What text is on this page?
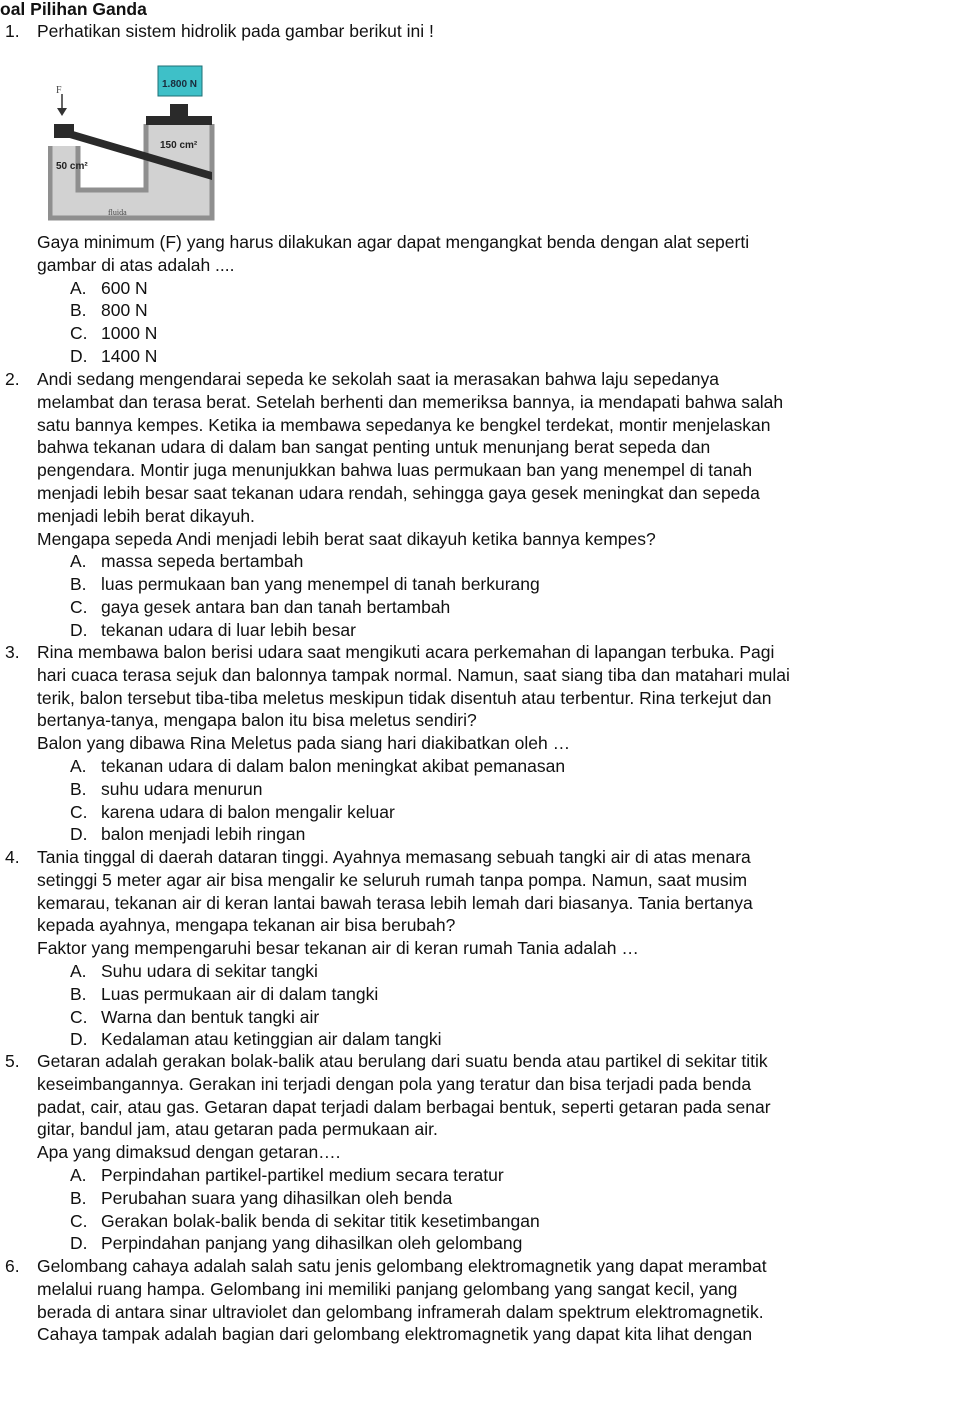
oal Pilihan Ganda
1. Perhatikan sistem hidrolik pada gambar berikut ini !
F
1.800 N
150 cm²
50 cm²
fluida
Gaya minimum (F) yang harus dilakukan agar dapat mengangkat benda dengan alat seperti
gambar di atas adalah ....
A. 600 N
B. 800 N
C. 1000 N
D. 1400 N
2. Andi sedang mengendarai sepeda ke sekolah saat ia merasakan bahwa laju sepedanya
melambat dan terasa berat. Setelah berhenti dan memeriksa bannya, ia mendapati bahwa salah
satu bannya kempes. Ketika ia membawa sepedanya ke bengkel terdekat, montir menjelaskan
bahwa tekanan udara di dalam ban sangat penting untuk menunjang berat sepeda dan
pengendara. Montir juga menunjukkan bahwa luas permukaan ban yang menempel di tanah
menjadi lebih besar saat tekanan udara rendah, sehingga gaya gesek meningkat dan sepeda
menjadi lebih berat dikayuh.
Mengapa sepeda Andi menjadi lebih berat saat dikayuh ketika bannya kempes?
A. massa sepeda bertambah
B. luas permukaan ban yang menempel di tanah berkurang
C. gaya gesek antara ban dan tanah bertambah
D. tekanan udara di luar lebih besar
3. Rina membawa balon berisi udara saat mengikuti acara perkemahan di lapangan terbuka. Pagi
hari cuaca terasa sejuk dan balonnya tampak normal. Namun, saat siang tiba dan matahari mulai
terik, balon tersebut tiba-tiba meletus meskipun tidak disentuh atau terbentur. Rina terkejut dan
bertanya-tanya, mengapa balon itu bisa meletus sendiri?
Balon yang dibawa Rina Meletus pada siang hari diakibatkan oleh …
A. tekanan udara di dalam balon meningkat akibat pemanasan
B. suhu udara menurun
C. karena udara di balon mengalir keluar
D. balon menjadi lebih ringan
4. Tania tinggal di daerah dataran tinggi. Ayahnya memasang sebuah tangki air di atas menara
setinggi 5 meter agar air bisa mengalir ke seluruh rumah tanpa pompa. Namun, saat musim
kemarau, tekanan air di keran lantai bawah terasa lebih lemah dari biasanya. Tania bertanya
kepada ayahnya, mengapa tekanan air bisa berubah?
Faktor yang mempengaruhi besar tekanan air di keran rumah Tania adalah …
A. Suhu udara di sekitar tangki
B. Luas permukaan air di dalam tangki
C. Warna dan bentuk tangki air
D. Kedalaman atau ketinggian air dalam tangki
5. Getaran adalah gerakan bolak-balik atau berulang dari suatu benda atau partikel di sekitar titik
keseimbangannya. Gerakan ini terjadi dengan pola yang teratur dan bisa terjadi pada benda
padat, cair, atau gas. Getaran dapat terjadi dalam berbagai bentuk, seperti getaran pada senar
gitar, bandul jam, atau getaran pada permukaan air.
Apa yang dimaksud dengan getaran….
A. Perpindahan partikel-partikel medium secara teratur
B. Perubahan suara yang dihasilkan oleh benda
C. Gerakan bolak-balik benda di sekitar titik kesetimbangan
D. Perpindahan panjang yang dihasilkan oleh gelombang
6. Gelombang cahaya adalah salah satu jenis gelombang elektromagnetik yang dapat merambat
melalui ruang hampa. Gelombang ini memiliki panjang gelombang yang sangat kecil, yang
berada di antara sinar ultraviolet dan gelombang inframerah dalam spektrum elektromagnetik.
Cahaya tampak adalah bagian dari gelombang elektromagnetik yang dapat kita lihat dengan
